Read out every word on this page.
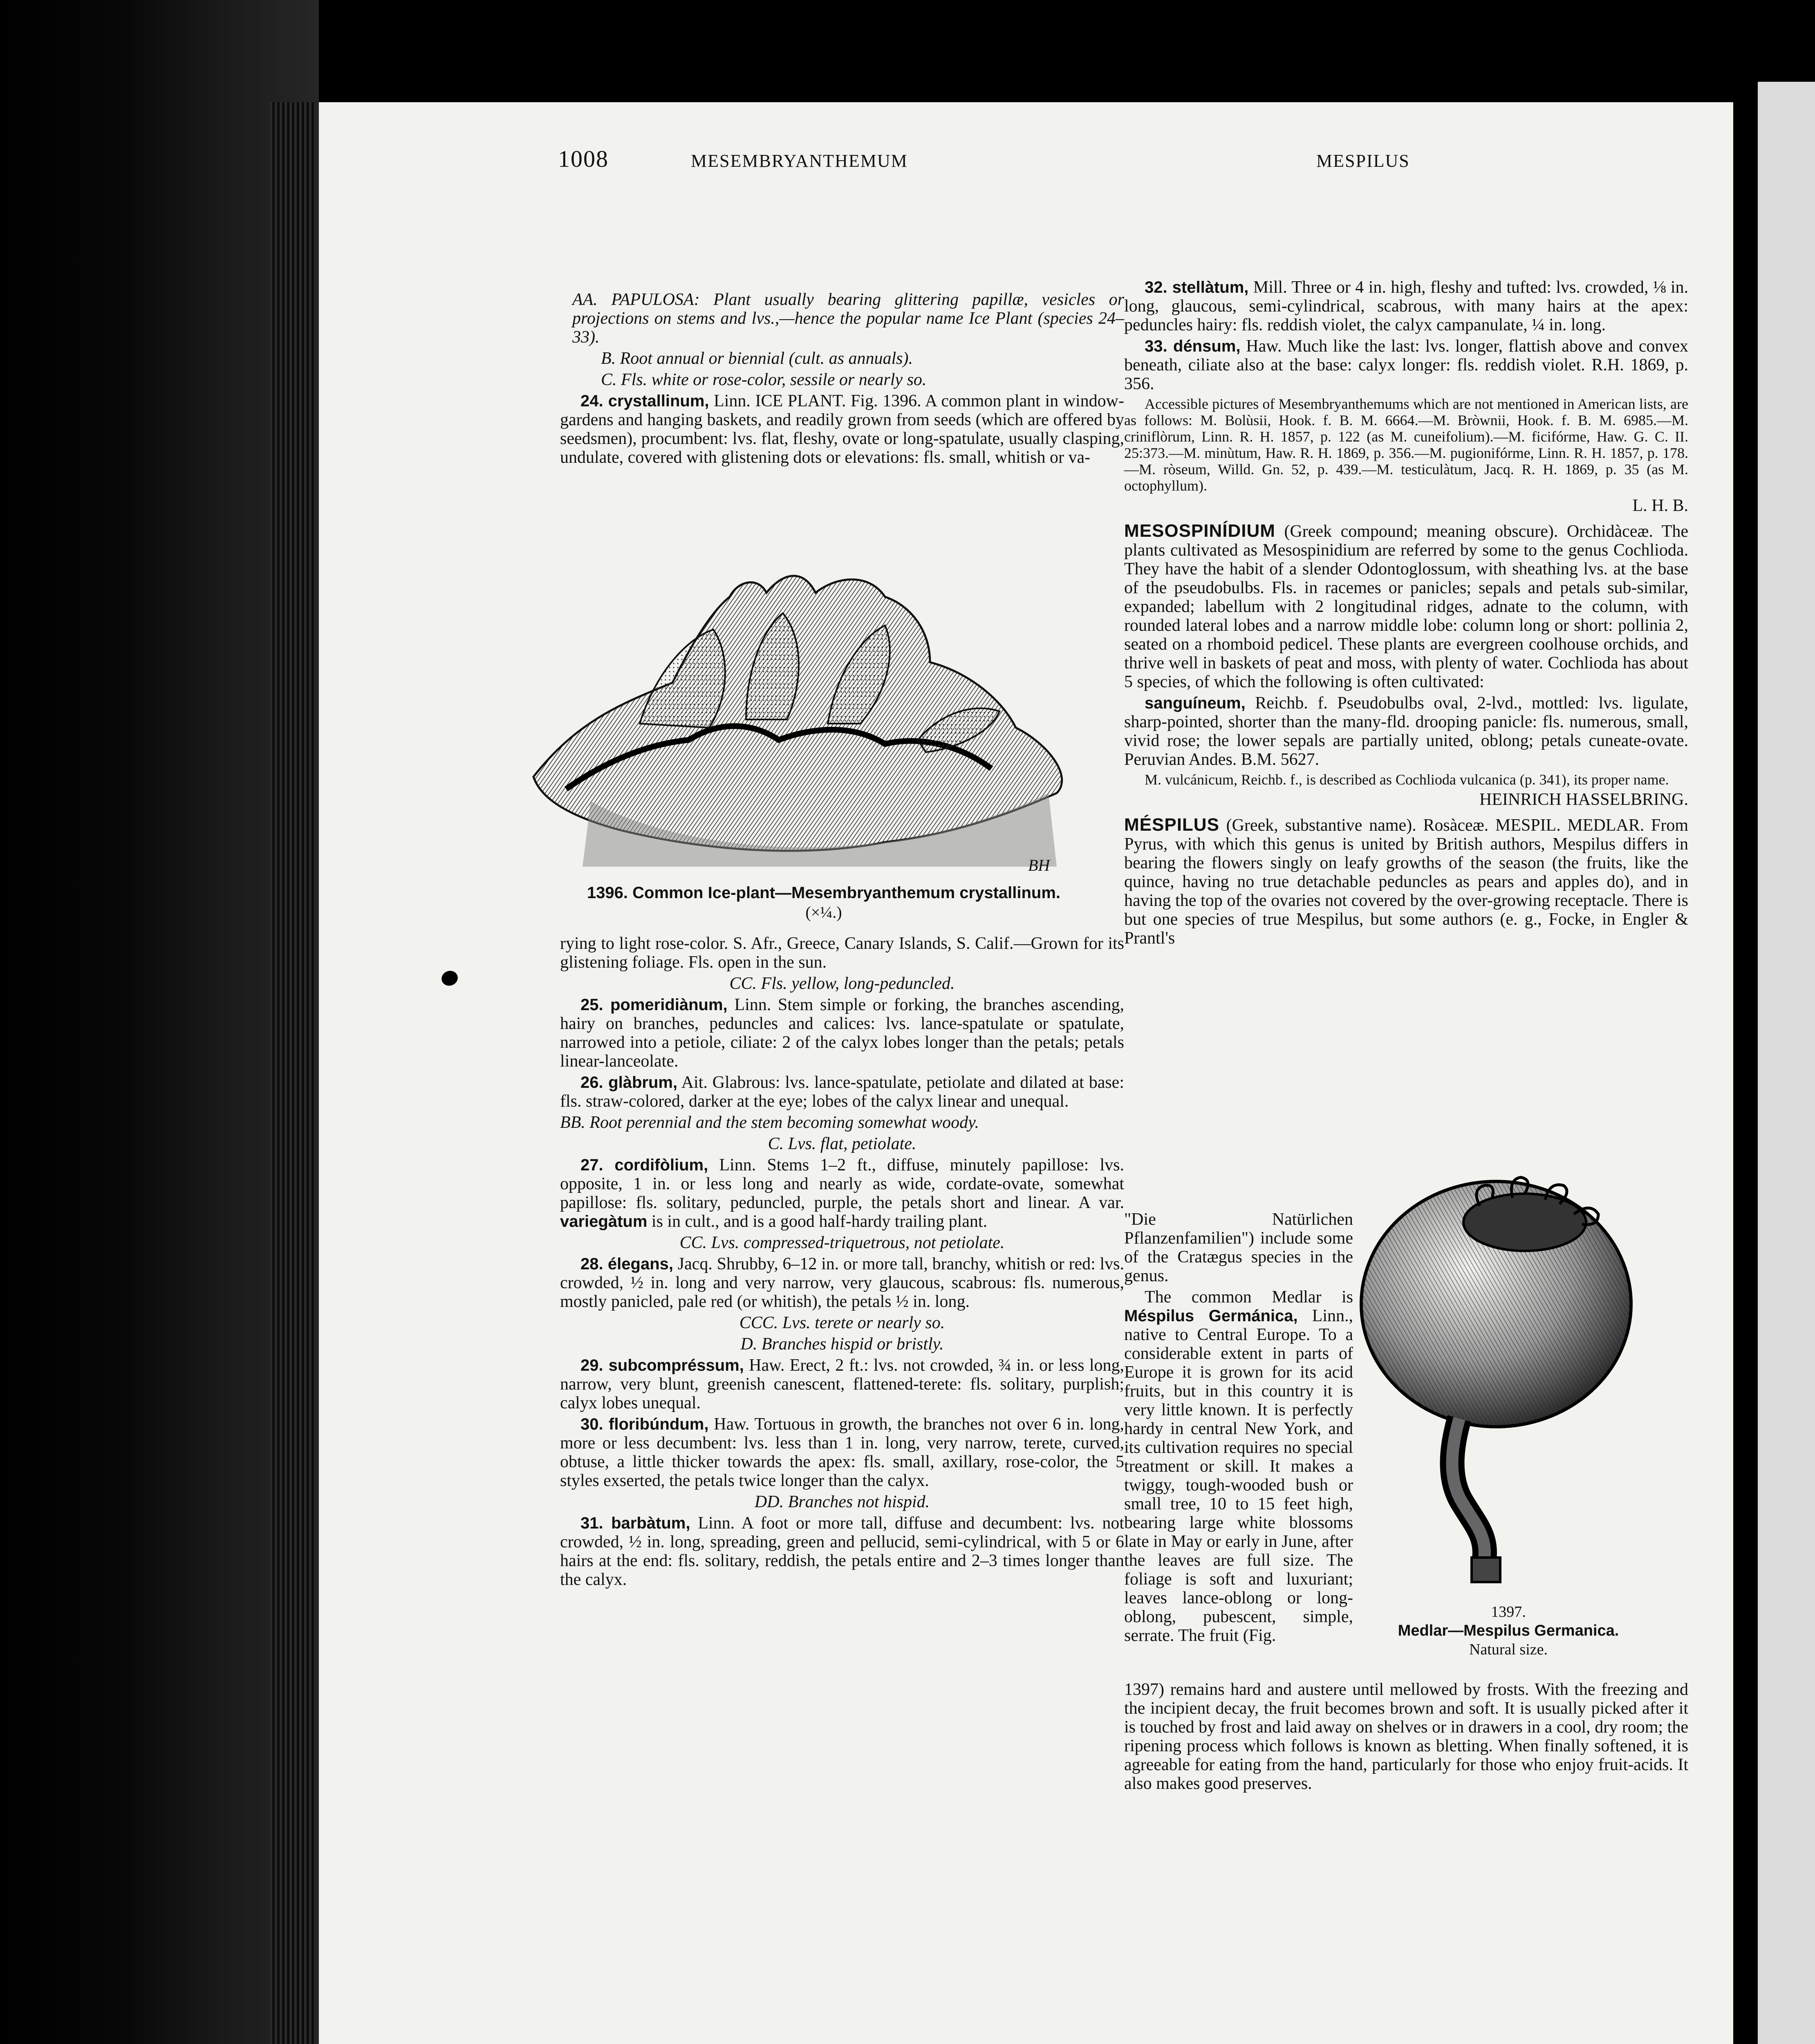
1008	MESEMBRYANTHEMUM	MESPILUS

AA. PAPULOSA: Plant usually bearing glittering papillæ, vesicles or projections on stems and lvs.,—hence the popular name Ice Plant (species 24–33).

B. Root annual or biennial (cult. as annuals).

C. Fls. white or rose-color, sessile or nearly so.

24. crystallinum, Linn. ICE PLANT. Fig. 1396. A common plant in window-gardens and hanging baskets, and readily grown from seeds (which are offered by seedsmen), procumbent: lvs. flat, fleshy, ovate or long-spatulate, usually clasping, undulate, covered with glistening dots or elevations: fls. small, whitish or va-

BH
1396. Common Ice-plant—Mesembryanthemum crystallinum.
(×¼.)

rying to light rose-color. S. Afr., Greece, Canary Islands, S. Calif.—Grown for its glistening foliage. Fls. open in the sun.

CC. Fls. yellow, long-peduncled.

25. pomeridiànum, Linn. Stem simple or forking, the branches ascending, hairy on branches, peduncles and calices: lvs. lance-spatulate or spatulate, narrowed into a petiole, ciliate: 2 of the calyx lobes longer than the petals; petals linear-lanceolate.

26. glàbrum, Ait. Glabrous: lvs. lance-spatulate, petiolate and dilated at base: fls. straw-colored, darker at the eye; lobes of the calyx linear and unequal.

BB. Root perennial and the stem becoming somewhat woody.

C. Lvs. flat, petiolate.

27. cordifòlium, Linn. Stems 1–2 ft., diffuse, minutely papillose: lvs. opposite, 1 in. or less long and nearly as wide, cordate-ovate, somewhat papillose: fls. solitary, peduncled, purple, the petals short and linear. A var. variegàtum is in cult., and is a good half-hardy trailing plant.

CC. Lvs. compressed-triquetrous, not petiolate.

28. élegans, Jacq. Shrubby, 6–12 in. or more tall, branchy, whitish or red: lvs. crowded, ½ in. long and very narrow, very glaucous, scabrous: fls. numerous, mostly panicled, pale red (or whitish), the petals ½ in. long.

CCC. Lvs. terete or nearly so.

D. Branches hispid or bristly.

29. subcompréssum, Haw. Erect, 2 ft.: lvs. not crowded, ¾ in. or less long, narrow, very blunt, greenish canescent, flattened-terete: fls. solitary, purplish; calyx lobes unequal.

30. floribúndum, Haw. Tortuous in growth, the branches not over 6 in. long, more or less decumbent: lvs. less than 1 in. long, very narrow, terete, curved, obtuse, a little thicker towards the apex: fls. small, axillary, rose-color, the 5 styles exserted, the petals twice longer than the calyx.

DD. Branches not hispid.

31. barbàtum, Linn. A foot or more tall, diffuse and decumbent: lvs. not crowded, ½ in. long, spreading, green and pellucid, semi-cylindrical, with 5 or 6 hairs at the end: fls. solitary, reddish, the petals entire and 2–3 times longer than the calyx.

32. stellàtum, Mill. Three or 4 in. high, fleshy and tufted: lvs. crowded, ⅛ in. long, glaucous, semi-cylindrical, scabrous, with many hairs at the apex: peduncles hairy: fls. reddish violet, the calyx campanulate, ¼ in. long.

33. dénsum, Haw. Much like the last: lvs. longer, flattish above and convex beneath, ciliate also at the base: calyx longer: fls. reddish violet. R.H. 1869, p. 356.

Accessible pictures of Mesembryanthemums which are not mentioned in American lists, are as follows: M. Bolùsii, Hook. f. B. M. 6664.—M. Bròwnii, Hook. f. B. M. 6985.—M. criniflòrum, Linn. R. H. 1857, p. 122 (as M. cuneifolium).—M. ficifórme, Haw. G. C. II. 25:373.—M. minùtum, Haw. R. H. 1869, p. 356.—M. pugionifórme, Linn. R. H. 1857, p. 178.—M. ròseum, Willd. Gn. 52, p. 439.—M. testiculàtum, Jacq. R. H. 1869, p. 35 (as M. octophyllum).

L. H. B.

MESOSPINÍDIUM (Greek compound; meaning obscure). Orchidàceæ. The plants cultivated as Mesospinidium are referred by some to the genus Cochlioda. They have the habit of a slender Odontoglossum, with sheathing lvs. at the base of the pseudobulbs. Fls. in racemes or panicles; sepals and petals sub-similar, expanded; labellum with 2 longitudinal ridges, adnate to the column, with rounded lateral lobes and a narrow middle lobe: column long or short: pollinia 2, seated on a rhomboid pedicel. These plants are evergreen coolhouse orchids, and thrive well in baskets of peat and moss, with plenty of water. Cochlioda has about 5 species, of which the following is often cultivated:

sanguíneum, Reichb. f. Pseudobulbs oval, 2-lvd., mottled: lvs. ligulate, sharp-pointed, shorter than the many-fld. drooping panicle: fls. numerous, small, vivid rose; the lower sepals are partially united, oblong; petals cuneate-ovate. Peruvian Andes. B.M. 5627.

M. vulcánicum, Reichb. f., is described as Cochlioda vulcanica (p. 341), its proper name.

HEINRICH HASSELBRING.

MÉSPILUS (Greek, substantive name). Rosàceæ. MESPIL. MEDLAR. From Pyrus, with which this genus is united by British authors, Mespilus differs in bearing the flowers singly on leafy growths of the season (the fruits, like the quince, having no true detachable peduncles as pears and apples do), and in having the top of the ovaries not covered by the over-growing receptacle. There is but one species of true Mespilus, but some authors (e. g., Focke, in Engler & Prantl's

"Die Natürlichen Pflanzenfamilien") include some of the Cratægus species in the genus.

The common Medlar is Méspilus Germánica, Linn., native to Central Europe. To a considerable extent in parts of Europe it is grown for its acid fruits, but in this country it is very little known. It is perfectly hardy in central New York, and its cultivation requires no special treatment or skill. It makes a twiggy, tough-wooded bush or small tree, 10 to 15 feet high, bearing large white blossoms late in May or early in June, after the leaves are full size. The foliage is soft and luxuriant; leaves lance-oblong or long-oblong, pubescent, simple, serrate. The fruit (Fig.

1397.
Medlar—Mespilus Germanica.
Natural size.

1397) remains hard and austere until mellowed by frosts. With the freezing and the incipient decay, the fruit becomes brown and soft. It is usually picked after it is touched by frost and laid away on shelves or in drawers in a cool, dry room; the ripening process which follows is known as bletting. When finally softened, it is agreeable for eating from the hand, particularly for those who enjoy fruit-acids. It also makes good preserves.
